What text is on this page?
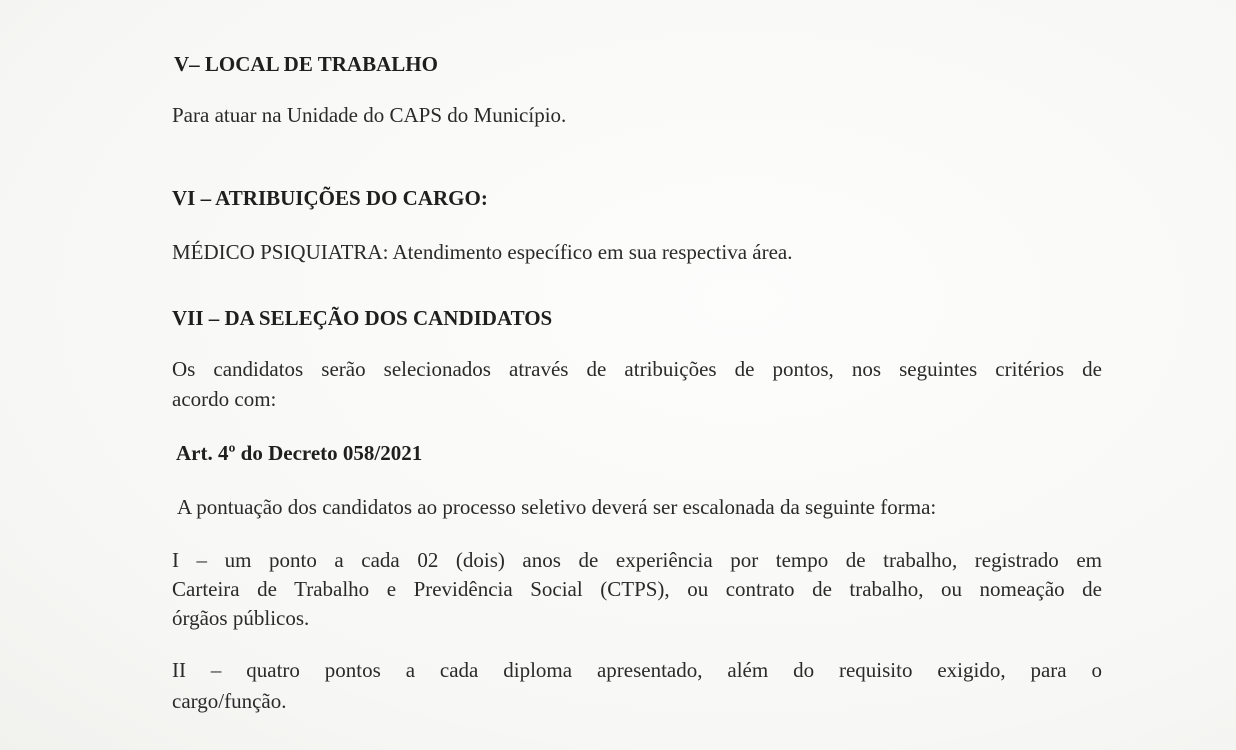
V– LOCAL DE TRABALHO
Para atuar na Unidade do CAPS do Município.
VI – ATRIBUIÇÕES DO CARGO:
MÉDICO PSIQUIATRA: Atendimento específico em sua respectiva área.
VII – DA SELEÇÃO DOS CANDIDATOS
Os candidatos serão selecionados através de atribuições de pontos, nos seguintes critérios de
acordo com:
Art. 4º do Decreto 058/2021
A pontuação dos candidatos ao processo seletivo deverá ser escalonada da seguinte forma:
I – um ponto a cada 02 (dois) anos de experiência por tempo de trabalho, registrado em
Carteira de Trabalho e Previdência Social (CTPS), ou contrato de trabalho, ou nomeação de
órgãos públicos.
II – quatro pontos a cada diploma apresentado, além do requisito exigido, para o
cargo/função.
